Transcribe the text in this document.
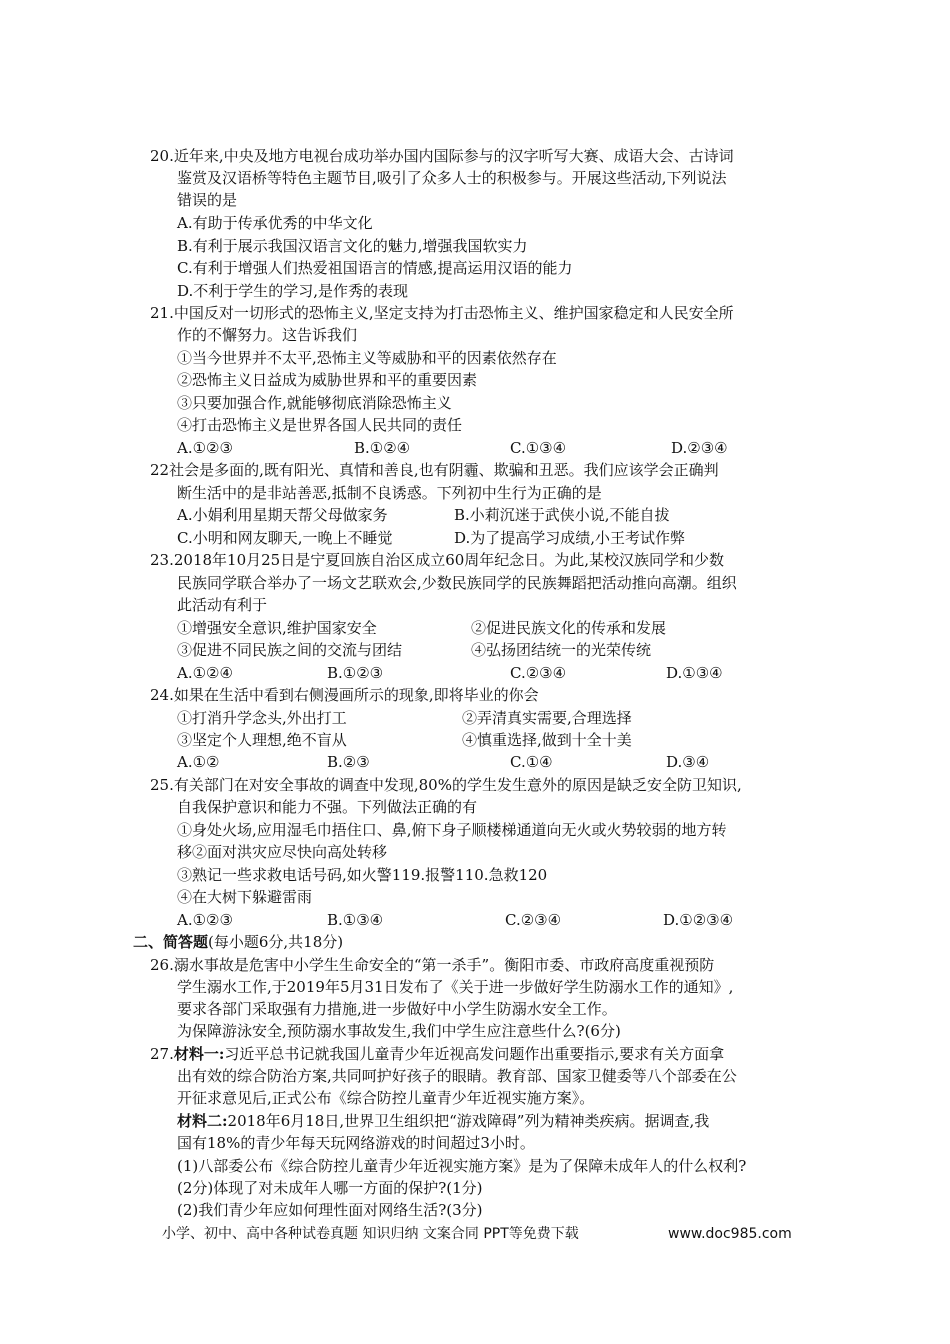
20.近年来,中央及地方电视台成功举办国内国际参与的汉字听写大赛、成语大会、古诗词
鉴赏及汉语桥等特色主题节目,吸引了众多人士的积极参与。开展这些活动,下列说法
错误的是
A.有助于传承优秀的中华文化
B.有利于展示我国汉语言文化的魅力,增强我国软实力
C.有利于增强人们热爱祖国语言的情感,提高运用汉语的能力
D.不利于学生的学习,是作秀的表现
21.中国反对一切形式的恐怖主义,坚定支持为打击恐怖主义、维护国家稳定和人民安全所
作的不懈努力。这告诉我们
①当今世界并不太平,恐怖主义等威胁和平的因素依然存在
②恐怖主义日益成为威胁世界和平的重要因素
③只要加强合作,就能够彻底消除恐怖主义
④打击恐怖主义是世界各国人民共同的责任
A.①②③	B.①②④	C.①③④	D.②③④
22社会是多面的,既有阳光、真情和善良,也有阴霾、欺骗和丑恶。我们应该学会正确判
断生活中的是非站善恶,抵制不良诱惑。下列初中生行为正确的是
A.小娟利用星期天帮父母做家务	B.小莉沉迷于武侠小说,不能自拔
C.小明和网友聊天,一晚上不睡觉	D.为了提高学习成绩,小王考试作弊
23.2018年10月25日是宁夏回族自治区成立60周年纪念日。为此,某校汉族同学和少数
民族同学联合举办了一场文艺联欢会,少数民族同学的民族舞蹈把活动推向高潮。组织
此活动有利于
①增强安全意识,维护国家安全	②促进民族文化的传承和发展
③促进不同民族之间的交流与团结	④弘扬团结统一的光荣传统
A.①②④	B.①②③	C.②③④	D.①③④
24.如果在生活中看到右侧漫画所示的现象,即将毕业的你会
①打消升学念头,外出打工	②弄清真实需要,合理选择
③坚定个人理想,绝不盲从	④慎重选择,做到十全十美
A.①②	B.②③	C.①④	D.③④
25.有关部门在对安全事故的调查中发现,80%的学生发生意外的原因是缺乏安全防卫知识,
自我保护意识和能力不强。下列做法正确的有
①身处火场,应用湿毛巾捂住口、鼻,俯下身子顺楼梯通道向无火或火势较弱的地方转
移②面对洪灾应尽快向高处转移
③熟记一些求救电话号码,如火警119.报警110.急救120
④在大树下躲避雷雨
A.①②③	B.①③④	C.②③④	D.①②③④
二、简答题(每小题6分,共18分)
26.溺水事故是危害中小学生生命安全的“第一杀手”。衡阳市委、市政府高度重视预防
学生溺水工作,于2019年5月31日发布了《关于进一步做好学生防溺水工作的通知》,
要求各部门采取强有力措施,进一步做好中小学生防溺水安全工作。
为保障游泳安全,预防溺水事故发生,我们中学生应注意些什么?(6分)
27.材料一:习近平总书记就我国儿童青少年近视高发问题作出重要指示,要求有关方面拿
出有效的综合防治方案,共同呵护好孩子的眼睛。教育部、国家卫健委等八个部委在公
开征求意见后,正式公布《综合防控儿童青少年近视实施方案》。
材料二:2018年6月18日,世界卫生组织把“游戏障碍”列为精神类疾病。据调查,我
国有18%的青少年每天玩网络游戏的时间超过3小时。
(1)八部委公布《综合防控儿童青少年近视实施方案》是为了保障未成年人的什么权利?
(2分)体现了对未成年人哪一方面的保护?(1分)
(2)我们青少年应如何理性面对网络生活?(3分)
小学、初中、高中各种试卷真题 知识归纳 文案合同 PPT等免费下载	www.doc985.com
